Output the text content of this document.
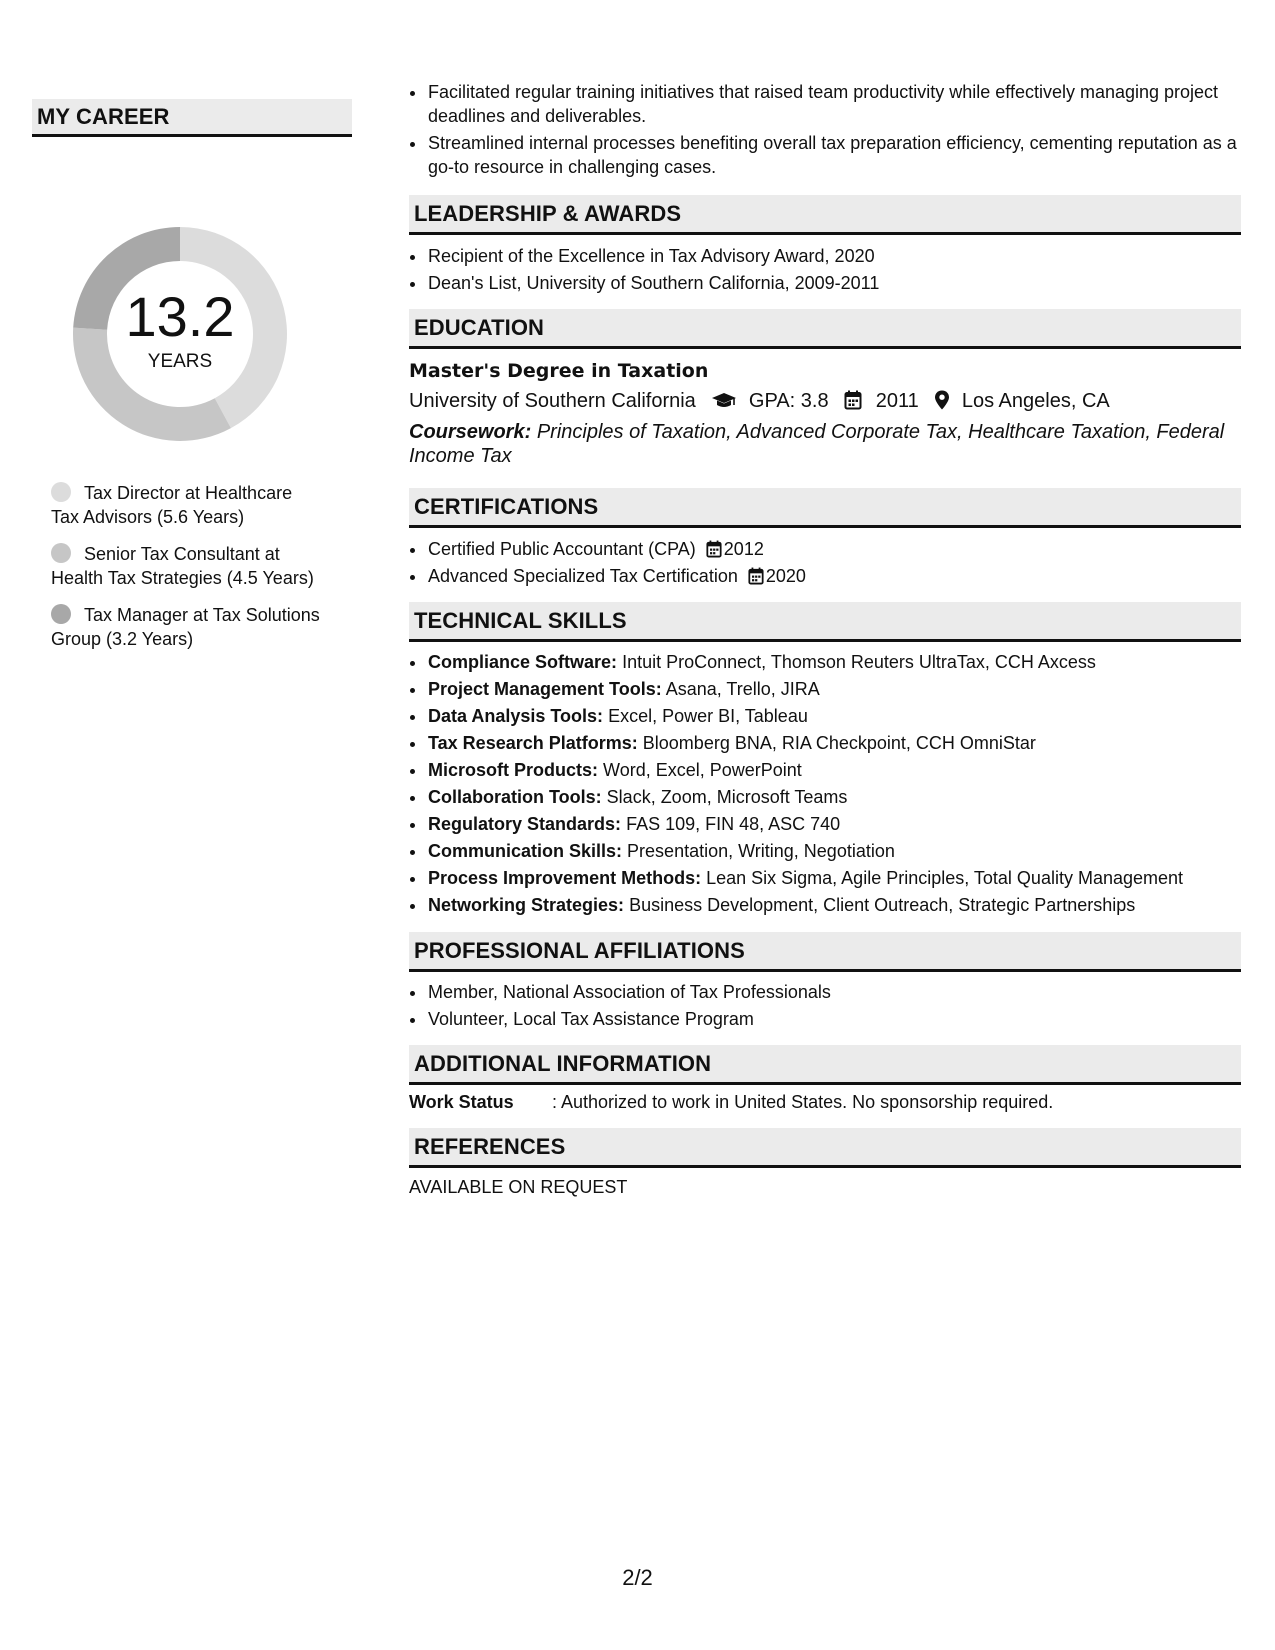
MY CAREER
13.2
YEARS
Tax Director at Healthcare Tax Advisors (5.6 Years)
Senior Tax Consultant at Health Tax Strategies (4.5 Years)
Tax Manager at Tax Solutions Group (3.2 Years)
• Facilitated regular training initiatives that raised team productivity while effectively managing project deadlines and deliverables.
• Streamlined internal processes benefiting overall tax preparation efficiency, cementing reputation as a go-to resource in challenging cases.
LEADERSHIP & AWARDS
• Recipient of the Excellence in Tax Advisory Award, 2020
• Dean's List, University of Southern California, 2009-2011
EDUCATION
Master's Degree in Taxation
University of Southern California	GPA: 3.8 2011 Los Angeles, CA
Coursework: Principles of Taxation, Advanced Corporate Tax, Healthcare Taxation, Federal Income Tax
CERTIFICATIONS
• Certified Public Accountant (CPA) 2012
• Advanced Specialized Tax Certification 2020
TECHNICAL SKILLS
• Compliance Software: Intuit ProConnect, Thomson Reuters UltraTax, CCH Axcess
• Project Management Tools: Asana, Trello, JIRA
• Data Analysis Tools: Excel, Power BI, Tableau
• Tax Research Platforms: Bloomberg BNA, RIA Checkpoint, CCH OmniStar
• Microsoft Products: Word, Excel, PowerPoint
• Collaboration Tools: Slack, Zoom, Microsoft Teams
• Regulatory Standards: FAS 109, FIN 48, ASC 740
• Communication Skills: Presentation, Writing, Negotiation
• Process Improvement Methods: Lean Six Sigma, Agile Principles, Total Quality Management
• Networking Strategies: Business Development, Client Outreach, Strategic Partnerships
PROFESSIONAL AFFILIATIONS
• Member, National Association of Tax Professionals
• Volunteer, Local Tax Assistance Program
ADDITIONAL INFORMATION
Work Status	: Authorized to work in United States. No sponsorship required.
REFERENCES
AVAILABLE ON REQUEST
2/2
